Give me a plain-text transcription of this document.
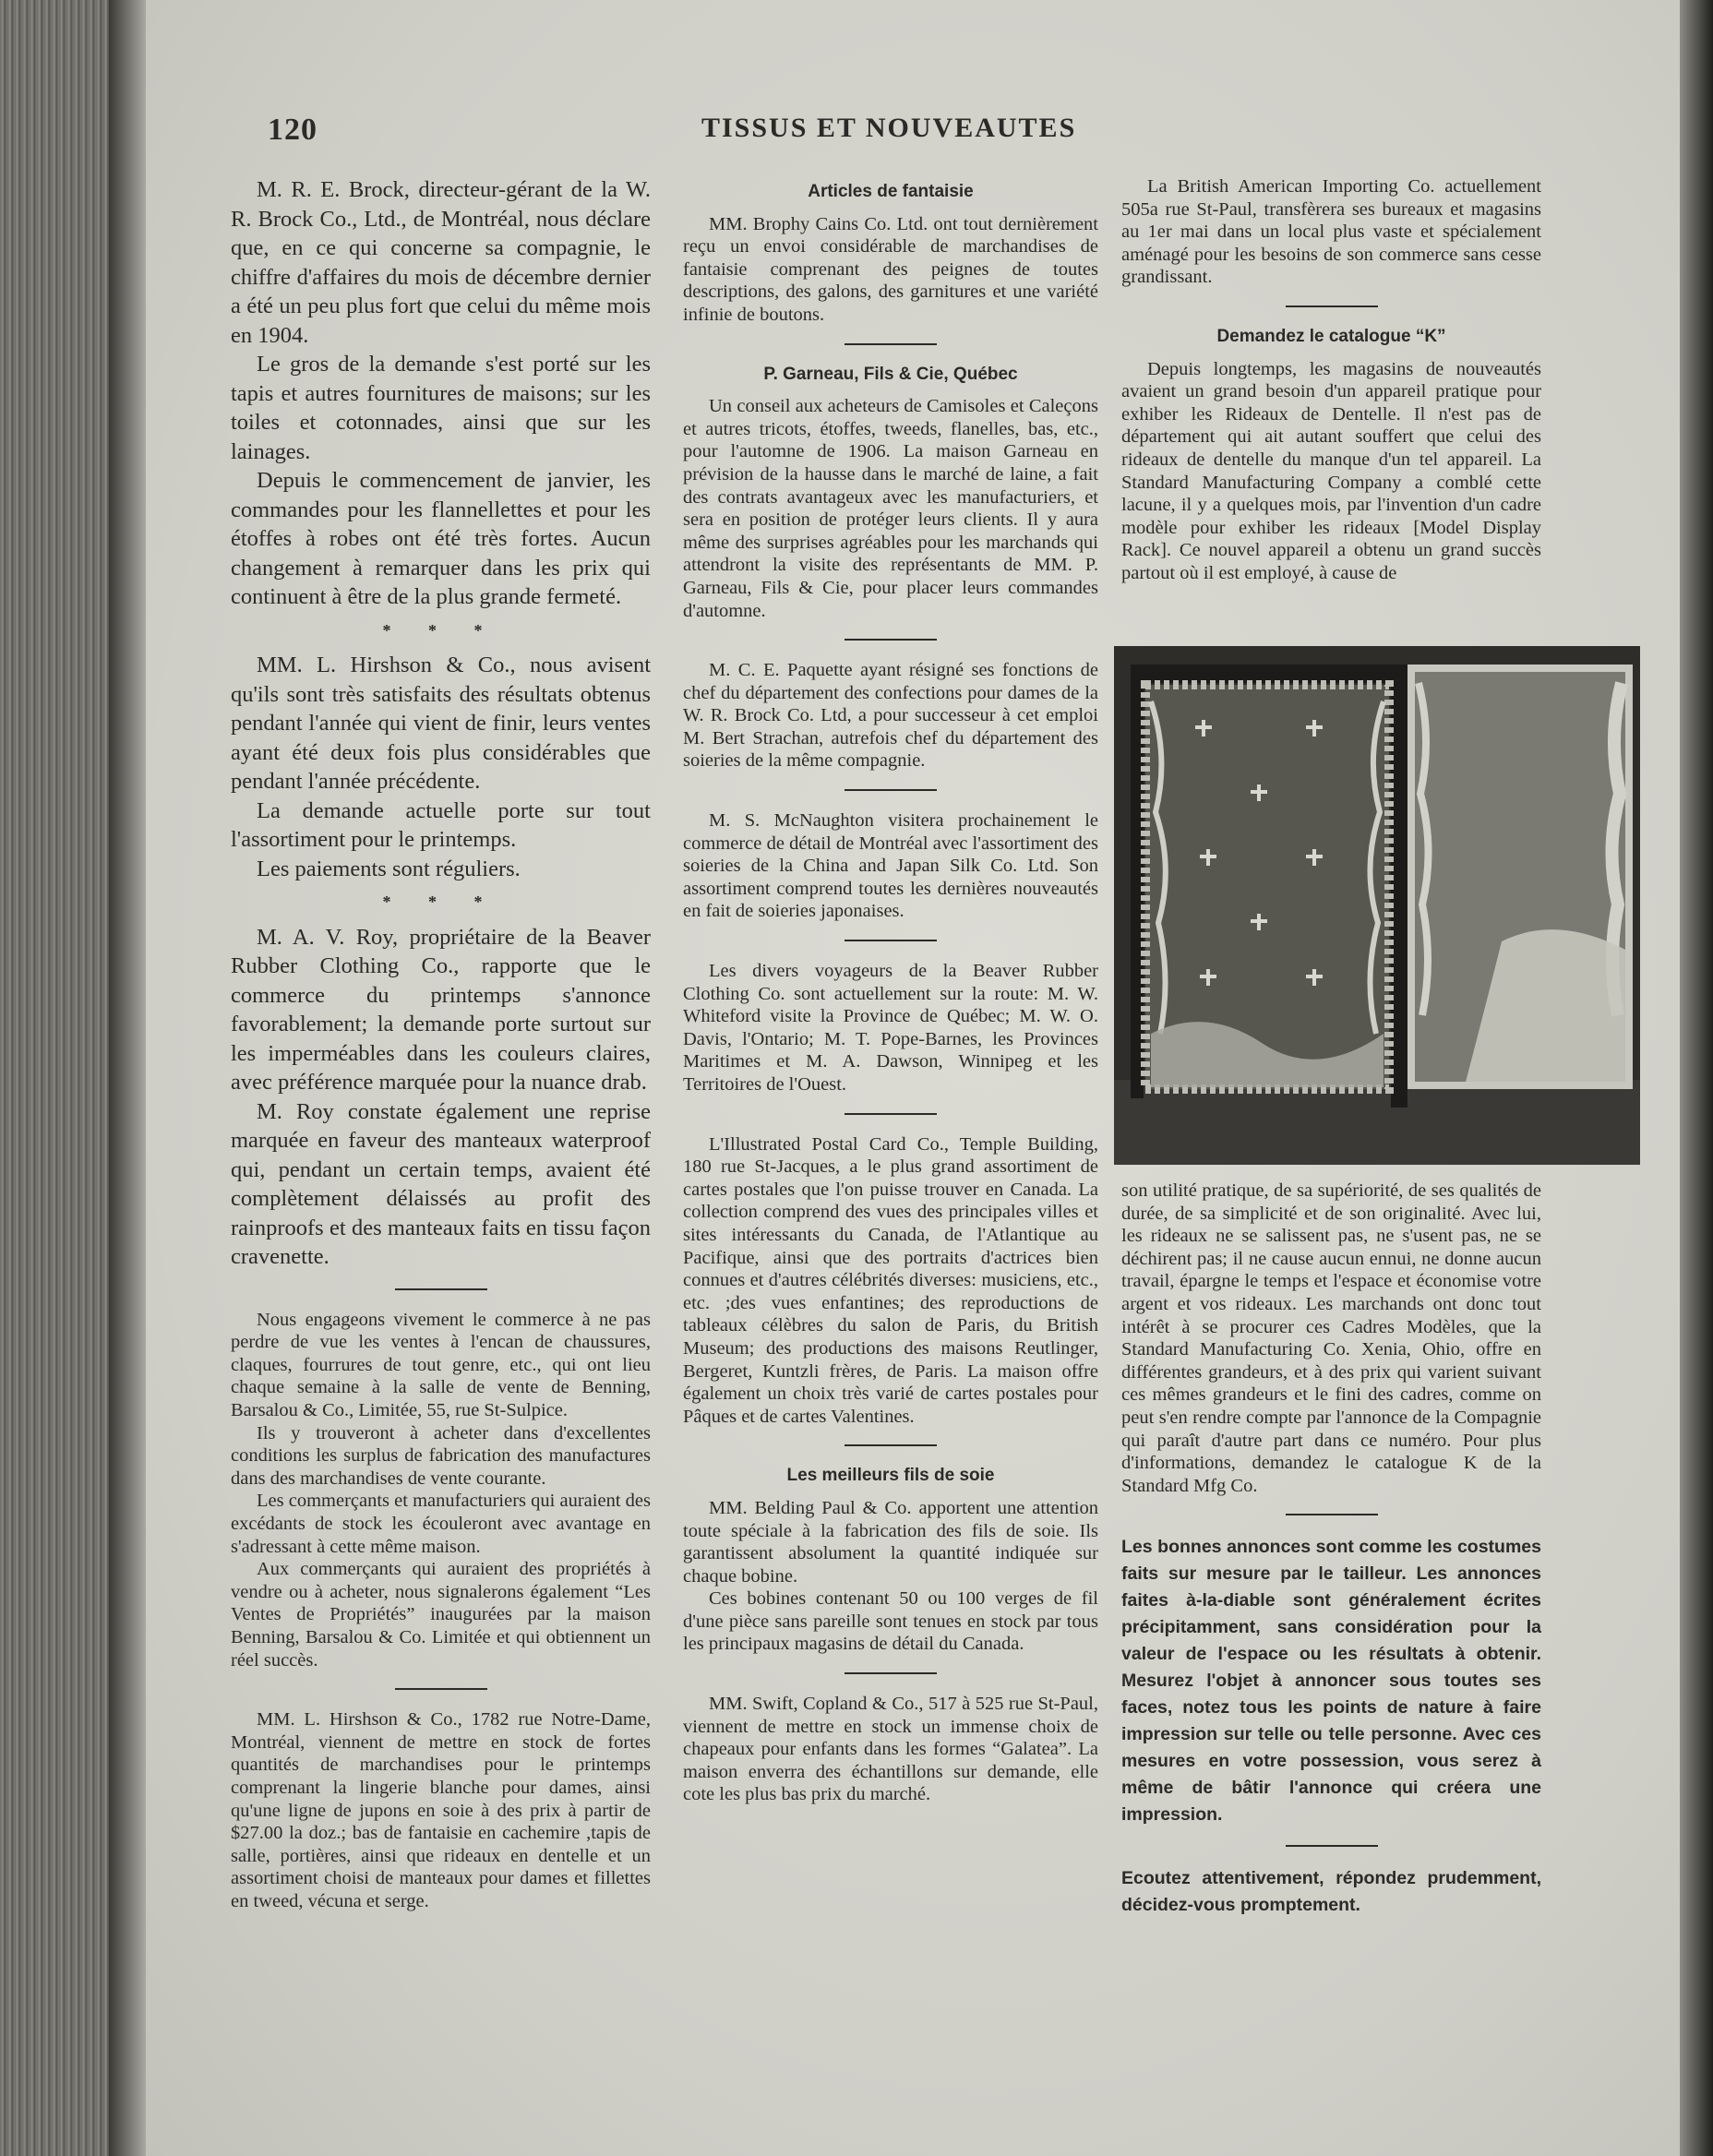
120	TISSUS ET NOUVEAUTES

M. R. E. Brock, directeur-gérant de la W. R. Brock Co., Ltd., de Montréal, nous déclare que, en ce qui concerne sa compagnie, le chiffre d'affaires du mois de décembre dernier a été un peu plus fort que celui du même mois en 1904.

Le gros de la demande s'est porté sur les tapis et autres fournitures de maisons; sur les toiles et cotonnades, ainsi que sur les lainages.

Depuis le commencement de janvier, les commandes pour les flannellettes et pour les étoffes à robes ont été très fortes. Aucun changement à remarquer dans les prix qui continuent à être de la plus grande fermeté.

* * *

MM. L. Hirshson & Co., nous avisent qu'ils sont très satisfaits des résultats obtenus pendant l'année qui vient de finir, leurs ventes ayant été deux fois plus considérables que pendant l'année précédente.

La demande actuelle porte sur tout l'assortiment pour le printemps.

Les paiements sont réguliers.

* * *

M. A. V. Roy, propriétaire de la Beaver Rubber Clothing Co., rapporte que le commerce du printemps s'annonce favorablement; la demande porte surtout sur les imperméables dans les couleurs claires, avec préférence marquée pour la nuance drab.

M. Roy constate également une reprise marquée en faveur des manteaux waterproof qui, pendant un certain temps, avaient été complètement délaissés au profit des rainproofs et des manteaux faits en tissu façon cravenette.

Nous engageons vivement le commerce à ne pas perdre de vue les ventes à l'encan de chaussures, claques, fourrures de tout genre, etc., qui ont lieu chaque semaine à la salle de vente de Benning, Barsalou & Co., Limitée, 55, rue St-Sulpice.

Ils y trouveront à acheter dans d'excellentes conditions les surplus de fabrication des manufactures dans des marchandises de vente courante.

Les commerçants et manufacturiers qui auraient des excédants de stock les écouleront avec avantage en s'adressant à cette même maison.

Aux commerçants qui auraient des propriétés à vendre ou à acheter, nous signalerons également “Les Ventes de Propriétés” inaugurées par la maison Benning, Barsalou & Co. Limitée et qui obtiennent un réel succès.

MM. L. Hirshson & Co., 1782 rue Notre-Dame, Montréal, viennent de mettre en stock de fortes quantités de marchandises pour le printemps comprenant la lingerie blanche pour dames, ainsi qu'une ligne de jupons en soie à des prix à partir de $27.00 la doz.; bas de fantaisie en cachemire ,tapis de salle, portières, ainsi que rideaux en dentelle et un assortiment choisi de manteaux pour dames et fillettes en tweed, vécuna et serge.

Articles de fantaisie

MM. Brophy Cains Co. Ltd. ont tout dernièrement reçu un envoi considérable de marchandises de fantaisie comprenant des peignes de toutes descriptions, des galons, des garnitures et une variété infinie de boutons.

P. Garneau, Fils & Cie, Québec

Un conseil aux acheteurs de Camisoles et Caleçons et autres tricots, étoffes, tweeds, flanelles, bas, etc., pour l'automne de 1906. La maison Garneau en prévision de la hausse dans le marché de laine, a fait des contrats avantageux avec les manufacturiers, et sera en position de protéger leurs clients. Il y aura même des surprises agréables pour les marchands qui attendront la visite des représentants de MM. P. Garneau, Fils & Cie, pour placer leurs commandes d'automne.

M. C. E. Paquette ayant résigné ses fonctions de chef du département des confections pour dames de la W. R. Brock Co. Ltd, a pour successeur à cet emploi M. Bert Strachan, autrefois chef du département des soieries de la même compagnie.

M. S. McNaughton visitera prochainement le commerce de détail de Montréal avec l'assortiment des soieries de la China and Japan Silk Co. Ltd. Son assortiment comprend toutes les dernières nouveautés en fait de soieries japonaises.

Les divers voyageurs de la Beaver Rubber Clothing Co. sont actuellement sur la route: M. W. Whiteford visite la Province de Québec; M. W. O. Davis, l'Ontario; M. T. Pope-Barnes, les Provinces Maritimes et M. A. Dawson, Winnipeg et les Territoires de l'Ouest.

L'Illustrated Postal Card Co., Temple Building, 180 rue St-Jacques, a le plus grand assortiment de cartes postales que l'on puisse trouver en Canada. La collection comprend des vues des principales villes et sites intéressants du Canada, de l'Atlantique au Pacifique, ainsi que des portraits d'actrices bien connues et d'autres célébrités diverses: musiciens, etc., etc. ;des vues enfantines; des reproductions de tableaux célèbres du salon de Paris, du British Museum; des productions des maisons Reutlinger, Bergeret, Kuntzli frères, de Paris. La maison offre également un choix très varié de cartes postales pour Pâques et de cartes Valentines.

Les meilleurs fils de soie

MM. Belding Paul & Co. apportent une attention toute spéciale à la fabrication des fils de soie. Ils garantissent absolument la quantité indiquée sur chaque bobine.

Ces bobines contenant 50 ou 100 verges de fil d'une pièce sans pareille sont tenues en stock par tous les principaux magasins de détail du Canada.

MM. Swift, Copland & Co., 517 à 525 rue St-Paul, viennent de mettre en stock un immense choix de chapeaux pour enfants dans les formes “Galatea”. La maison enverra des échantillons sur demande, elle cote les plus bas prix du marché.

La British American Importing Co. actuellement 505a rue St-Paul, transfèrera ses bureaux et magasins au 1er mai dans un local plus vaste et spécialement aménagé pour les besoins de son commerce sans cesse grandissant.

Demandez le catalogue “K”

Depuis longtemps, les magasins de nouveautés avaient un grand besoin d'un appareil pratique pour exhiber les Rideaux de Dentelle. Il n'est pas de département qui ait autant souffert que celui des rideaux de dentelle du manque d'un tel appareil. La Standard Manufacturing Company a comblé cette lacune, il y a quelques mois, par l'invention d'un cadre modèle pour exhiber les rideaux [Model Display Rack]. Ce nouvel appareil a obtenu un grand succès partout où il est employé, à cause de

son utilité pratique, de sa supériorité, de ses qualités de durée, de sa simplicité et de son originalité. Avec lui, les rideaux ne se salissent pas, ne s'usent pas, ne se déchirent pas; il ne cause aucun ennui, ne donne aucun travail, épargne le temps et l'espace et économise votre argent et vos rideaux. Les marchands ont donc tout intérêt à se procurer ces Cadres Modèles, que la Standard Manufacturing Co. Xenia, Ohio, offre en différentes grandeurs, et à des prix qui varient suivant ces mêmes grandeurs et le fini des cadres, comme on peut s'en rendre compte par l'annonce de la Compagnie qui paraît d'autre part dans ce numéro. Pour plus d'informations, demandez le catalogue K de la Standard Mfg Co.

Les bonnes annonces sont comme les costumes faits sur mesure par le tailleur. Les annonces faites à-la-diable sont généralement écrites précipitamment, sans considération pour la valeur de l'espace ou les résultats à obtenir. Mesurez l'objet à annoncer sous toutes ses faces, notez tous les points de nature à faire impression sur telle ou telle personne. Avec ces mesures en votre possession, vous serez à même de bâtir l'annonce qui créera une impression.

Ecoutez attentivement, répondez prudemment, décidez-vous promptement.
